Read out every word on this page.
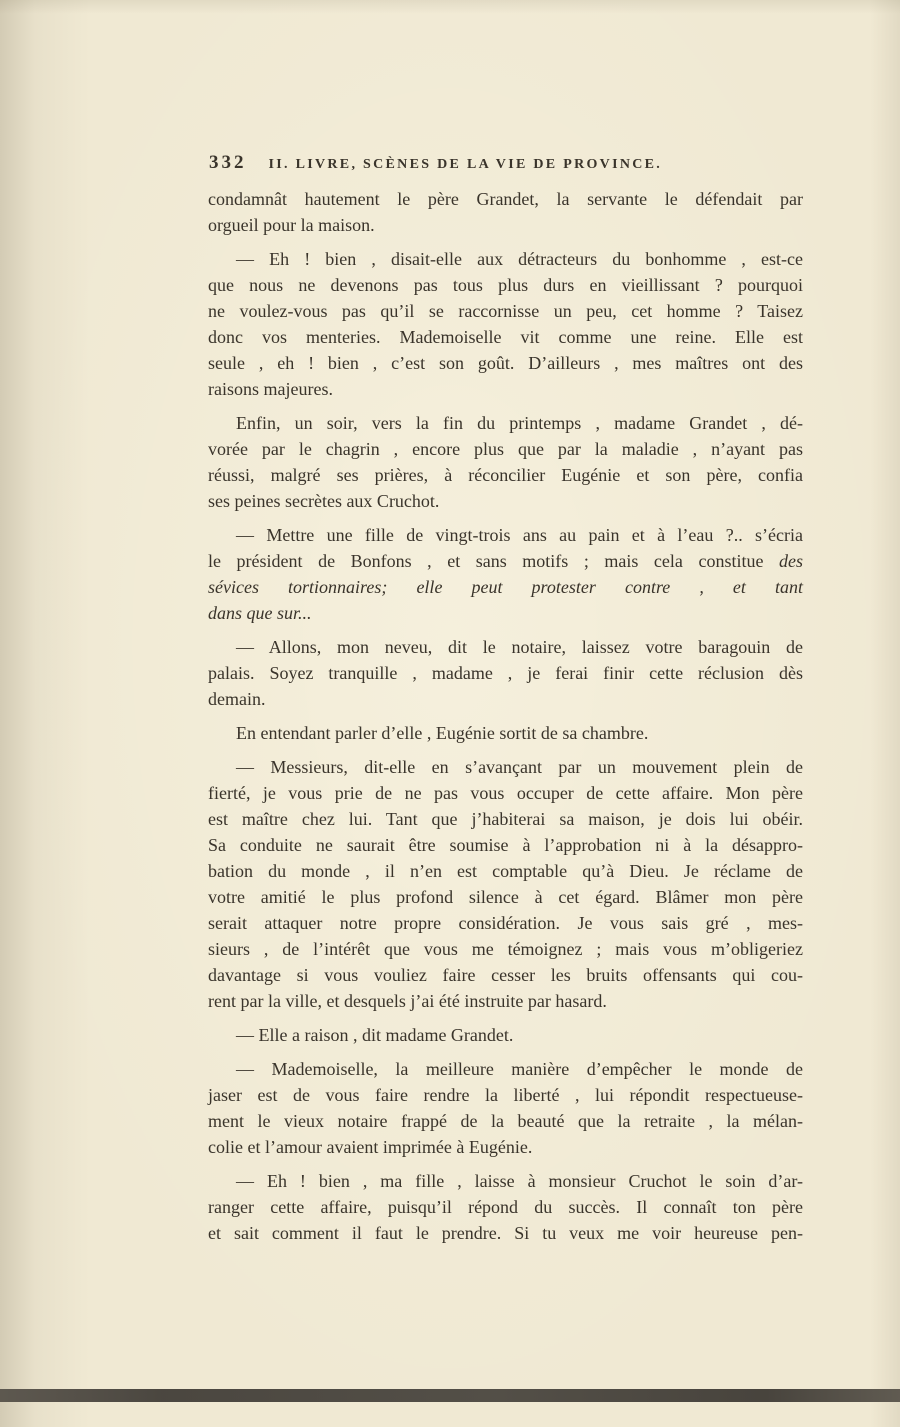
332 II. LIVRE, SCÈNES DE LA VIE DE PROVINCE.
condamnât hautement le père Grandet, la servante le défendait par
orgueil pour la maison.
— Eh ! bien , disait-elle aux détracteurs du bonhomme , est-ce
que nous ne devenons pas tous plus durs en vieillissant ? pourquoi
ne voulez-vous pas qu’il se raccornisse un peu, cet homme ? Taisez
donc vos menteries. Mademoiselle vit comme une reine. Elle est
seule , eh ! bien , c’est son goût. D’ailleurs , mes maîtres ont des
raisons majeures.
Enfin, un soir, vers la fin du printemps , madame Grandet , dé-
vorée par le chagrin , encore plus que par la maladie , n’ayant pas
réussi, malgré ses prières, à réconcilier Eugénie et son père, confia
ses peines secrètes aux Cruchot.
— Mettre une fille de vingt-trois ans au pain et à l’eau ?.. s’écria
le président de Bonfons , et sans motifs ; mais cela constitue des
sévices tortionnaires; elle peut protester contre , et tant
dans que sur...
— Allons, mon neveu, dit le notaire, laissez votre baragouin de
palais. Soyez tranquille , madame , je ferai finir cette réclusion dès
demain.
En entendant parler d’elle , Eugénie sortit de sa chambre.
— Messieurs, dit-elle en s’avançant par un mouvement plein de
fierté, je vous prie de ne pas vous occuper de cette affaire. Mon père
est maître chez lui. Tant que j’habiterai sa maison, je dois lui obéir.
Sa conduite ne saurait être soumise à l’approbation ni à la désappro-
bation du monde , il n’en est comptable qu’à Dieu. Je réclame de
votre amitié le plus profond silence à cet égard. Blâmer mon père
serait attaquer notre propre considération. Je vous sais gré , mes-
sieurs , de l’intérêt que vous me témoignez ; mais vous m’obligeriez
davantage si vous vouliez faire cesser les bruits offensants qui cou-
rent par la ville, et desquels j’ai été instruite par hasard.
— Elle a raison , dit madame Grandet.
— Mademoiselle, la meilleure manière d’empêcher le monde de
jaser est de vous faire rendre la liberté , lui répondit respectueuse-
ment le vieux notaire frappé de la beauté que la retraite , la mélan-
colie et l’amour avaient imprimée à Eugénie.
— Eh ! bien , ma fille , laisse à monsieur Cruchot le soin d’ar-
ranger cette affaire, puisqu’il répond du succès. Il connaît ton père
et sait comment il faut le prendre. Si tu veux me voir heureuse pen-
